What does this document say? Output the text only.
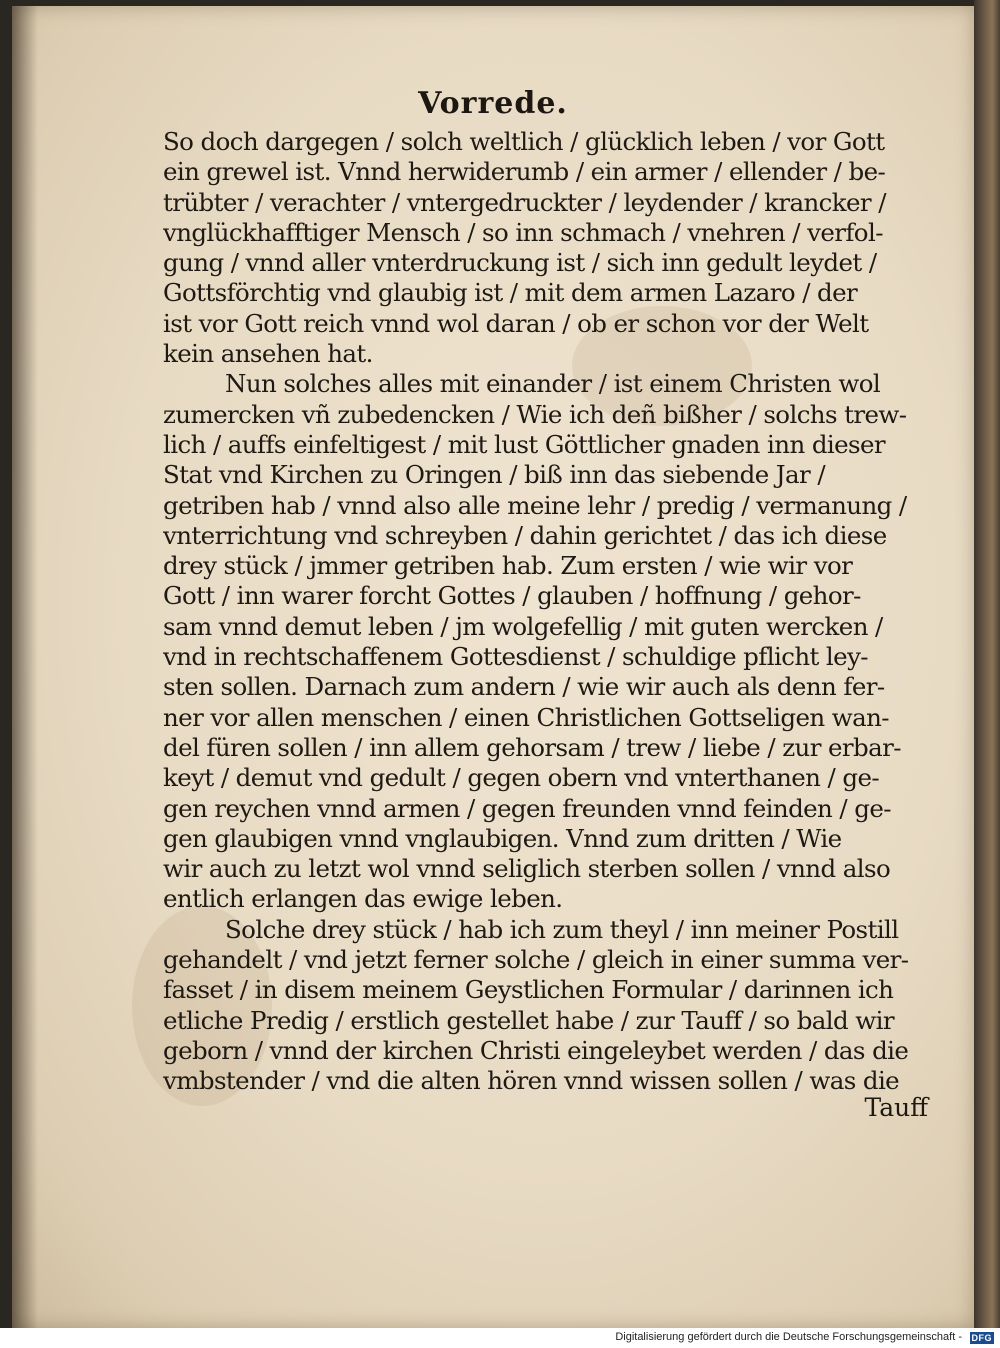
Vorrede.
So doch dargegen / solch weltlich / glücklich leben / vor Gott
ein grewel ist. Vnnd herwiderumb / ein armer / ellender / be-
trübter / verachter / vntergedruckter / leydender / krancker /
vnglückhafftiger Mensch / so inn schmach / vnehren / verfol-
gung / vnnd aller vnterdruckung ist / sich inn gedult leydet /
Gottsförchtig vnd glaubig ist / mit dem armen Lazaro / der
ist vor Gott reich vnnd wol daran / ob er schon vor der Welt
kein ansehen hat.
Nun solches alles mit einander / ist einem Christen wol
zumercken vñ zubedencken / Wie ich deñ bißher / solchs trew-
lich / auffs einfeltigest / mit lust Göttlicher gnaden inn dieser
Stat vnd Kirchen zu Oringen / biß inn das siebende Jar /
getriben hab / vnnd also alle meine lehr / predig / vermanung /
vnterrichtung vnd schreyben / dahin gerichtet / das ich diese
drey stück / jmmer getriben hab. Zum ersten / wie wir vor
Gott / inn warer forcht Gottes / glauben / hoffnung / gehor-
sam vnnd demut leben / jm wolgefellig / mit guten wercken /
vnd in rechtschaffenem Gottesdienst / schuldige pflicht ley-
sten sollen. Darnach zum andern / wie wir auch als denn fer-
ner vor allen menschen / einen Christlichen Gottseligen wan-
del füren sollen / inn allem gehorsam / trew / liebe / zur erbar-
keyt / demut vnd gedult / gegen obern vnd vnterthanen / ge-
gen reychen vnnd armen / gegen freunden vnnd feinden / ge-
gen glaubigen vnnd vnglaubigen. Vnnd zum dritten / Wie
wir auch zu letzt wol vnnd seliglich sterben sollen / vnnd also
entlich erlangen das ewige leben.
Solche drey stück / hab ich zum theyl / inn meiner Postill
gehandelt / vnd jetzt ferner solche / gleich in einer summa ver-
fasset / in disem meinem Geystlichen Formular / darinnen ich
etliche Predig / erstlich gestellet habe / zur Tauff / so bald wir
geborn / vnnd der kirchen Christi eingeleybet werden / das die
vmbstender / vnd die alten hören vnnd wissen sollen / was die
Tauff
Digitalisierung gefördert durch die Deutsche Forschungsgemeinschaft - DFG
